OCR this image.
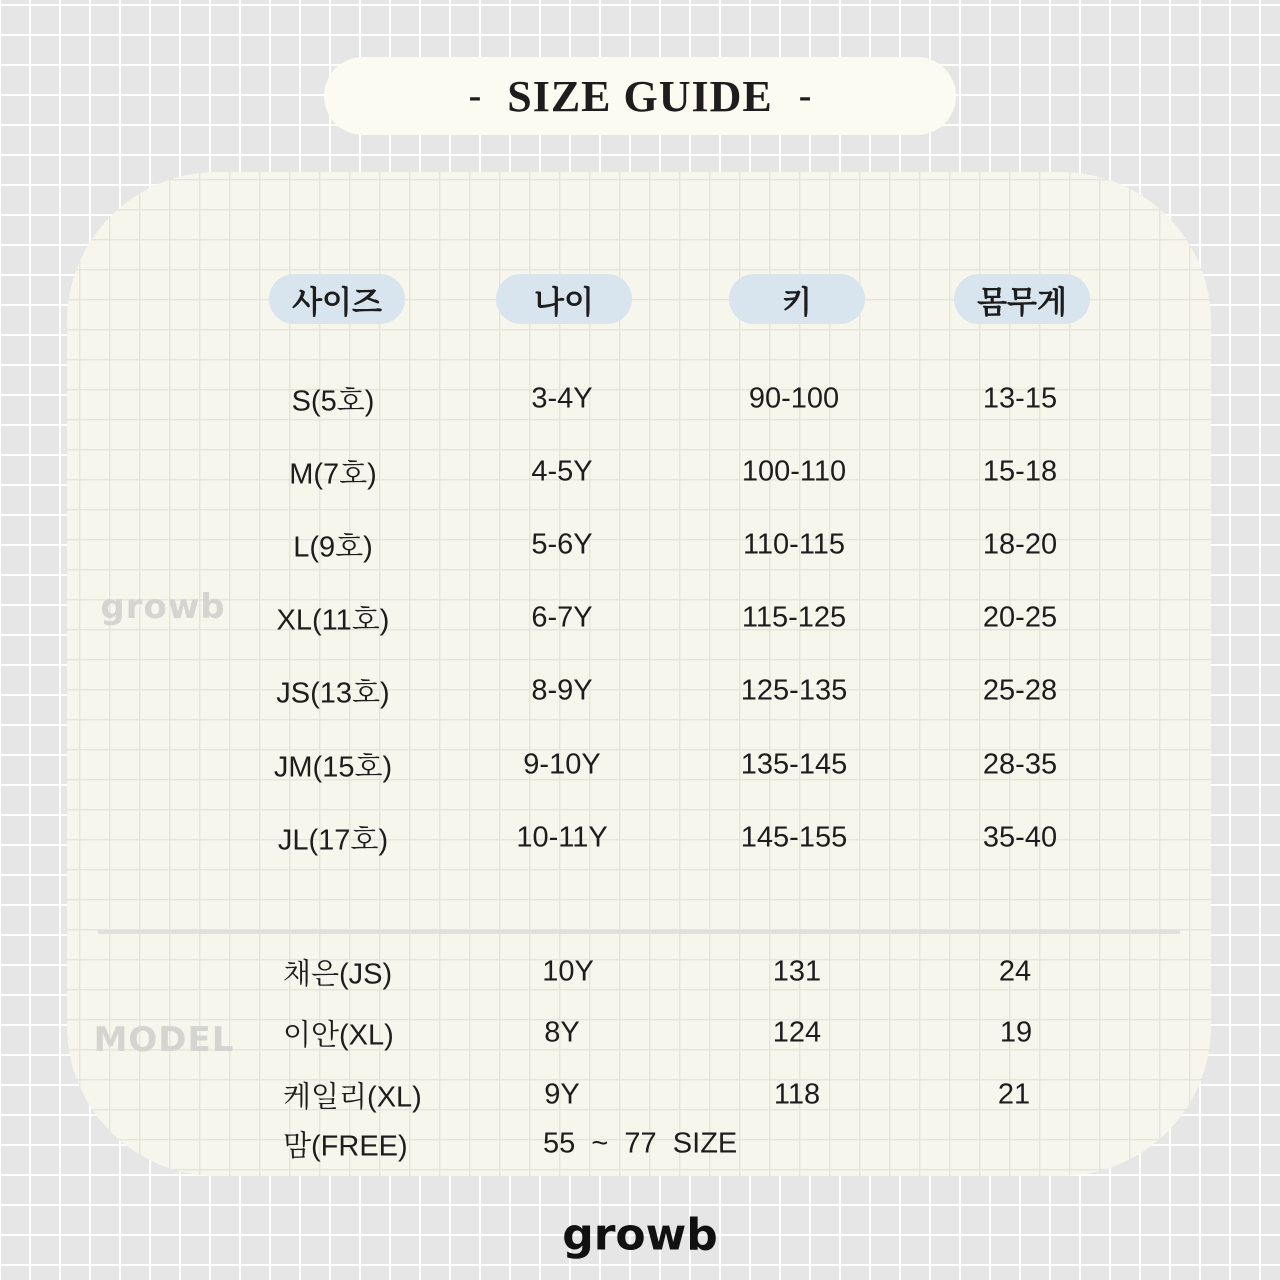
- SIZE GUIDE -
사이즈	나이	키	몸무게
S(5호)	3-4Y	90-100	13-15
M(7호)	4-5Y	100-110	15-18
L(9호)	5-6Y	110-115	18-20
XL(11호)	6-7Y	115-125	20-25
JS(13호)	8-9Y	125-135	25-28
JM(15호)	9-10Y	135-145	28-35
JL(17호)	10-11Y	145-155	35-40
growb
MODEL
채은(JS)	10Y	131	24
이안(XL)	8Y	124	19
케일리(XL)	9Y	118	21
맘(FREE)	55  ~  77  SIZE
growb
